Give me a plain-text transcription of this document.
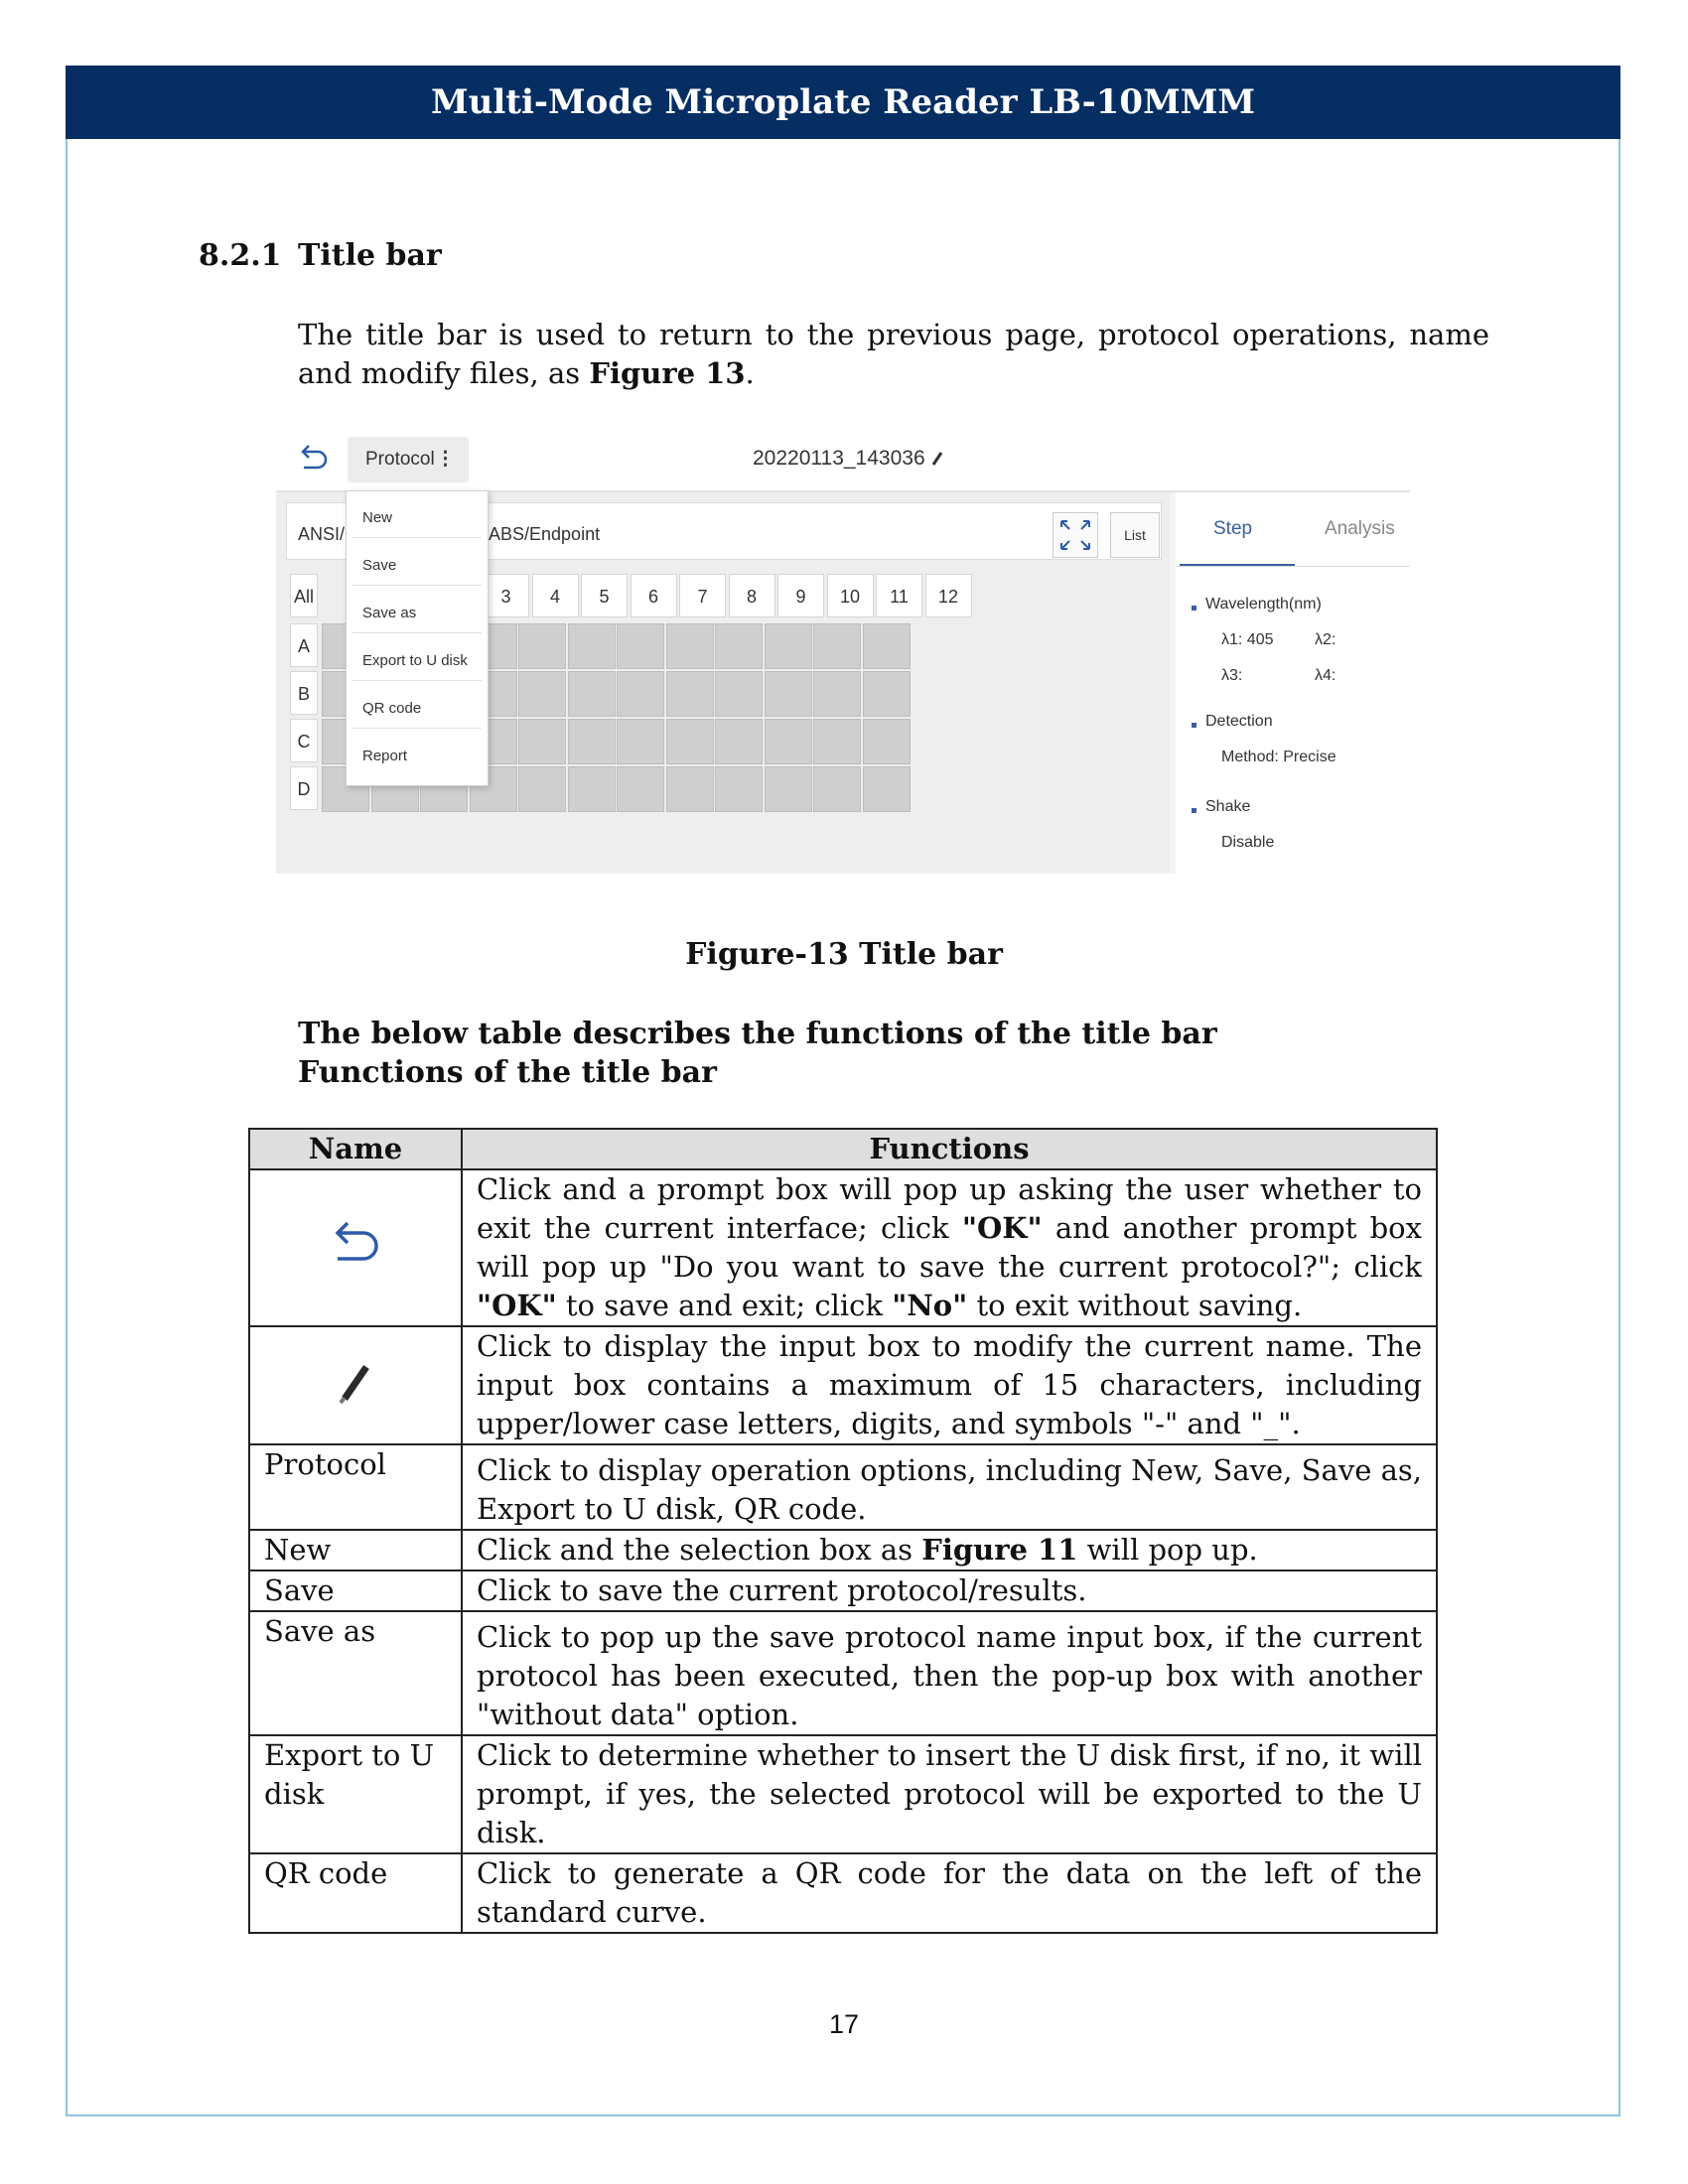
Multi-Mode Microplate Reader LB-10MMM
8.2.1 Title bar
The title bar is used to return to the previous page, protocol operations, name and modify files, as Figure 13.
Protocol ⋮	20220113_143036
ANSI/	ABS/Endpoint	List
All	3	4	5	6	7	8	9	10	11	12
A
B
C
D
Step	Analysis
Wavelength(nm)
λ1: 405	λ2:
λ3:	λ4:
Detection
Method: Precise
Shake
Disable
New
Save
Save as
Export to U disk
QR code
Report
Figure-13 Title bar
The below table describes the functions of the title bar
Functions of the title bar
Name	Functions
	Click and a prompt box will pop up asking the user whether to exit the current interface; click "OK" and another prompt box will pop up "Do you want to save the current protocol?"; click "OK" to save and exit; click "No" to exit without saving.
	Click to display the input box to modify the current name. The input box contains a maximum of 15 characters, including upper/lower case letters, digits, and symbols "-" and "_".
Protocol	Click to display operation options, including New, Save, Save as, Export to U disk, QR code.
New	Click and the selection box as Figure 11 will pop up.
Save	Click to save the current protocol/results.
Save as	Click to pop up the save protocol name input box, if the current protocol has been executed, then the pop-up box with another "without data" option.
Export to U disk	Click to determine whether to insert the U disk first, if no, it will prompt, if yes, the selected protocol will be exported to the U disk.
QR code	Click to generate a QR code for the data on the left of the standard curve.
17
